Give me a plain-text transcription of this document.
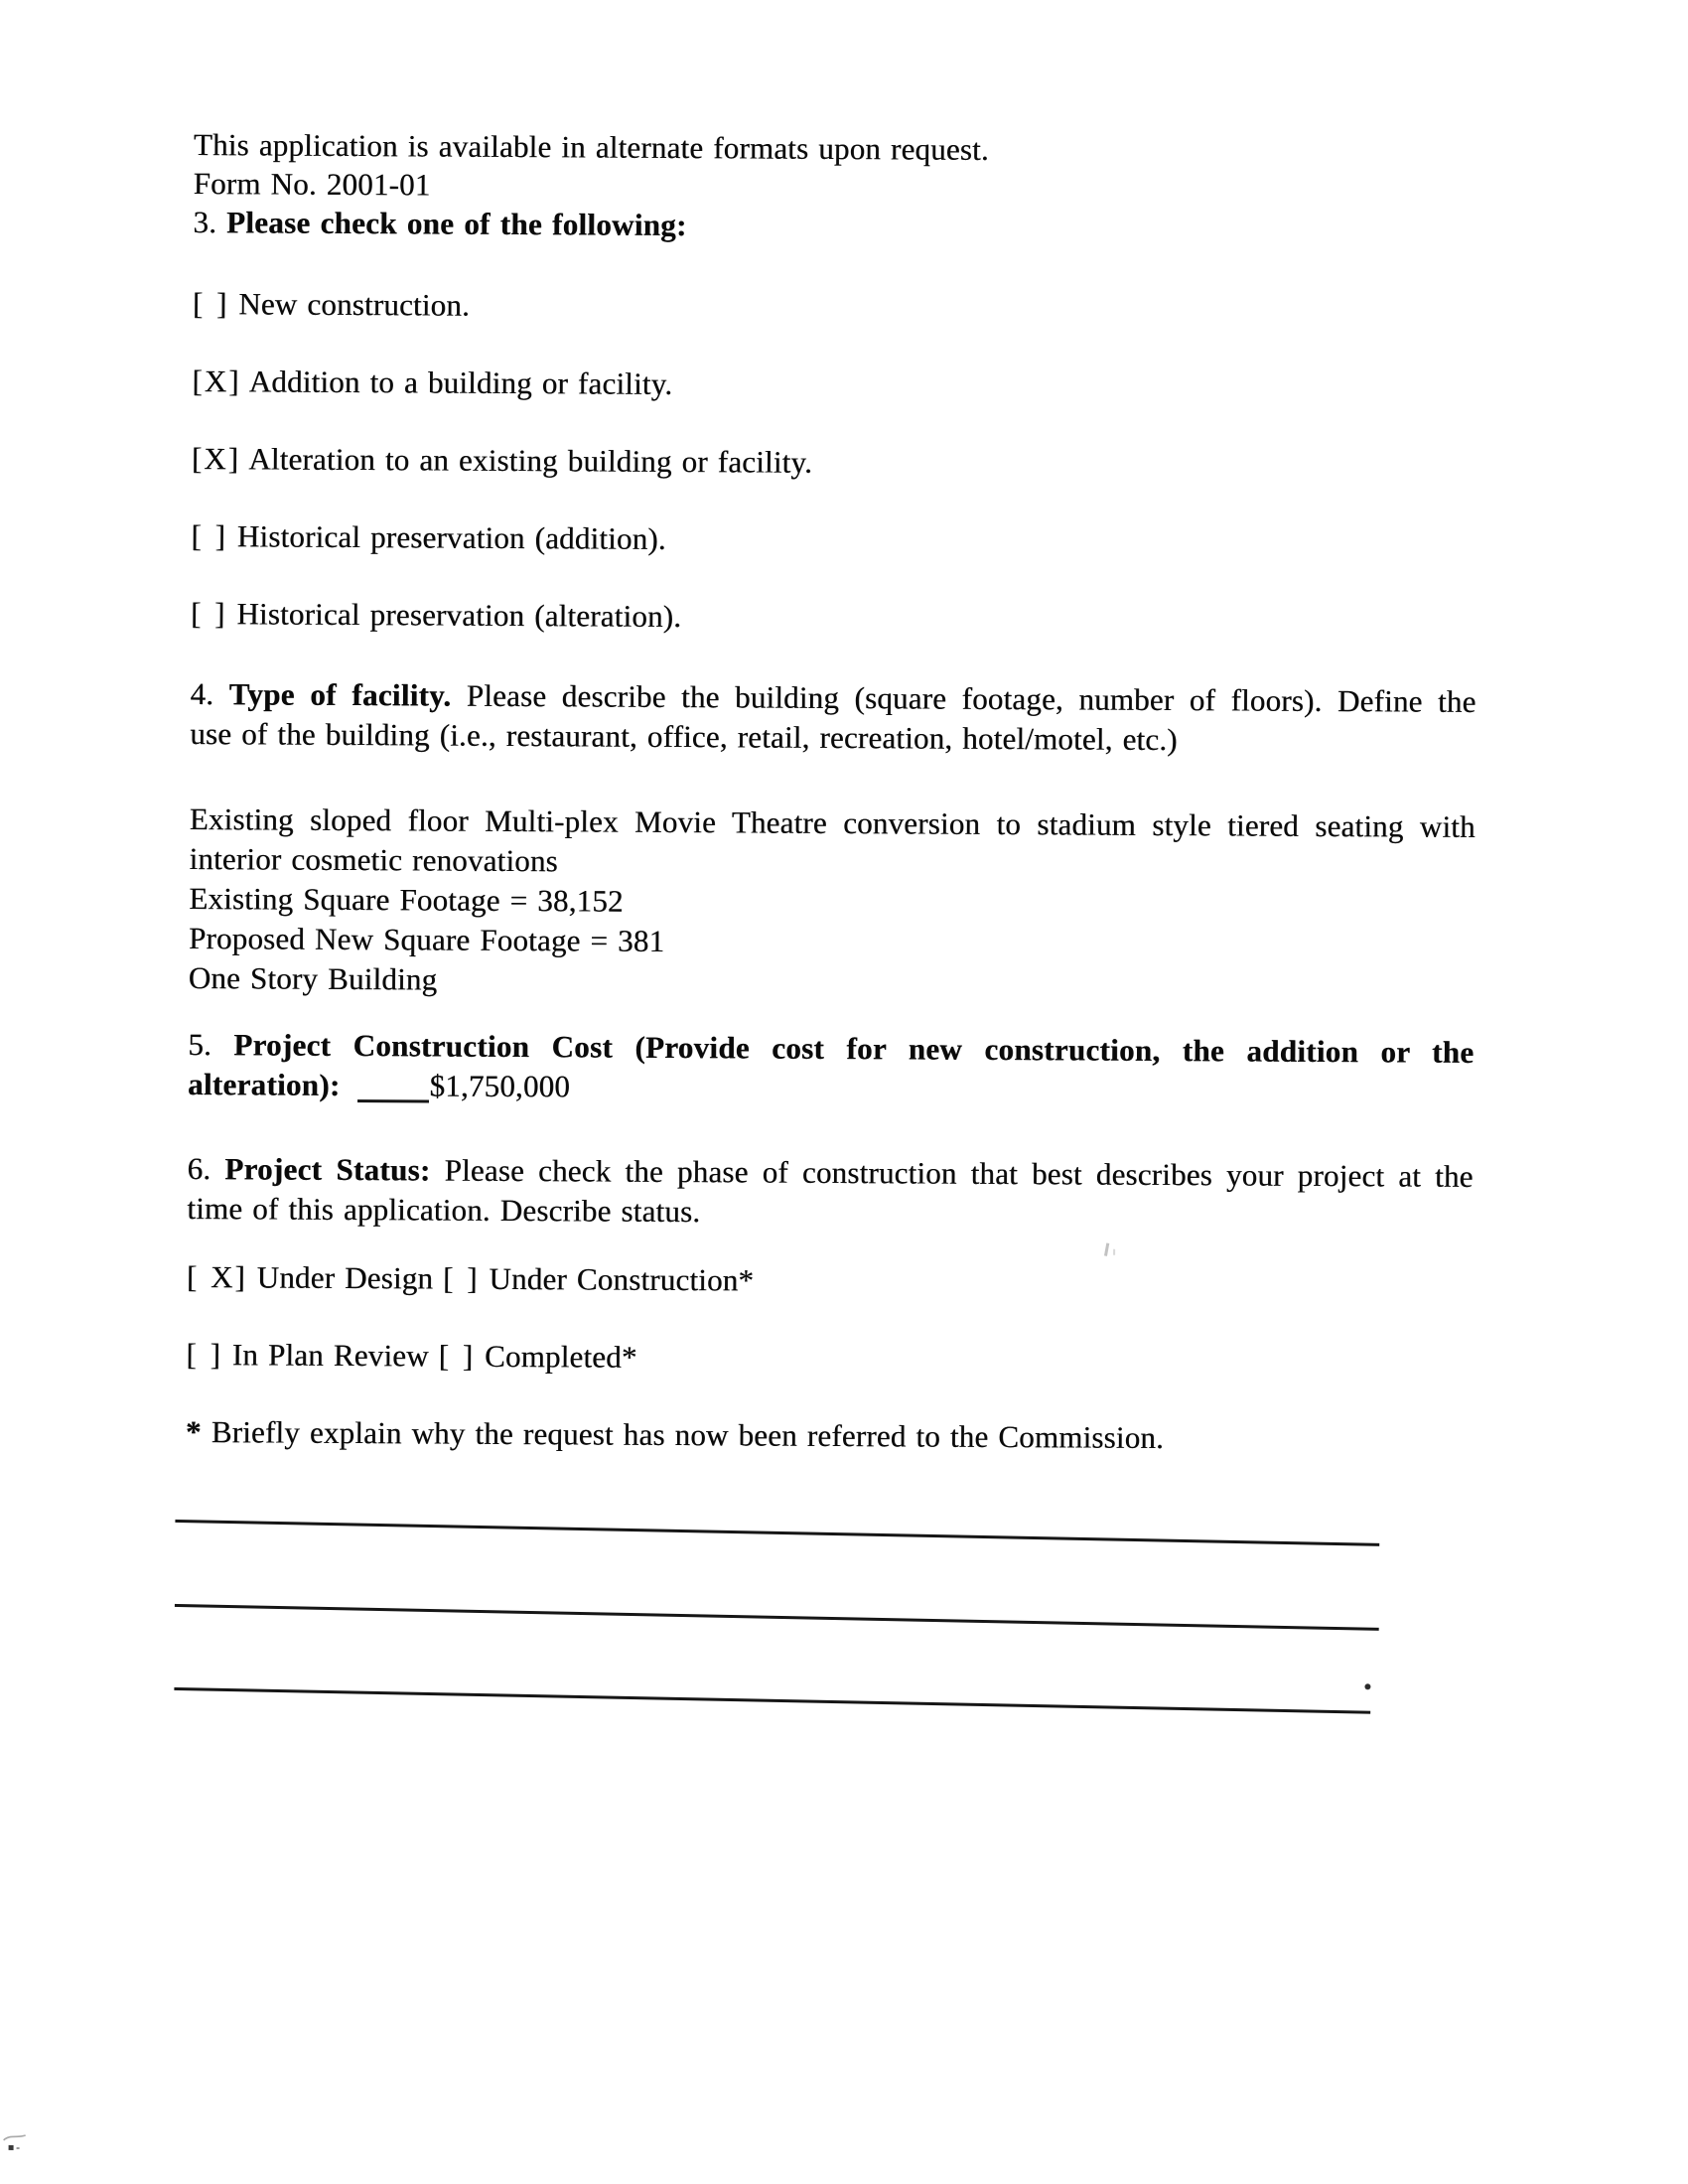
This application is available in alternate formats upon request.
Form No. 2001-01
3. Please check one of the following:
[ ] New construction.
[X] Addition to a building or facility.
[X] Alteration to an existing building or facility.
[ ] Historical preservation (addition).
[ ] Historical preservation (alteration).
4. Type of facility. Please describe the building (square footage, number of floors). Define the
use of the building (i.e., restaurant, office, retail, recreation, hotel/motel, etc.)
Existing sloped floor Multi-plex Movie Theatre conversion to stadium style tiered seating with
interior cosmetic renovations
Existing Square Footage = 38,152
Proposed New Square Footage = 381
One Story Building
5. Project Construction Cost (Provide cost for new construction, the addition or the
alteration):	$1,750,000
6. Project Status: Please check the phase of construction that best describes your project at the
time of this application. Describe status.
[ X] Under Design [ ] Under Construction*
[ ] In Plan Review [ ] Completed*
* Briefly explain why the request has now been referred to the Commission.
